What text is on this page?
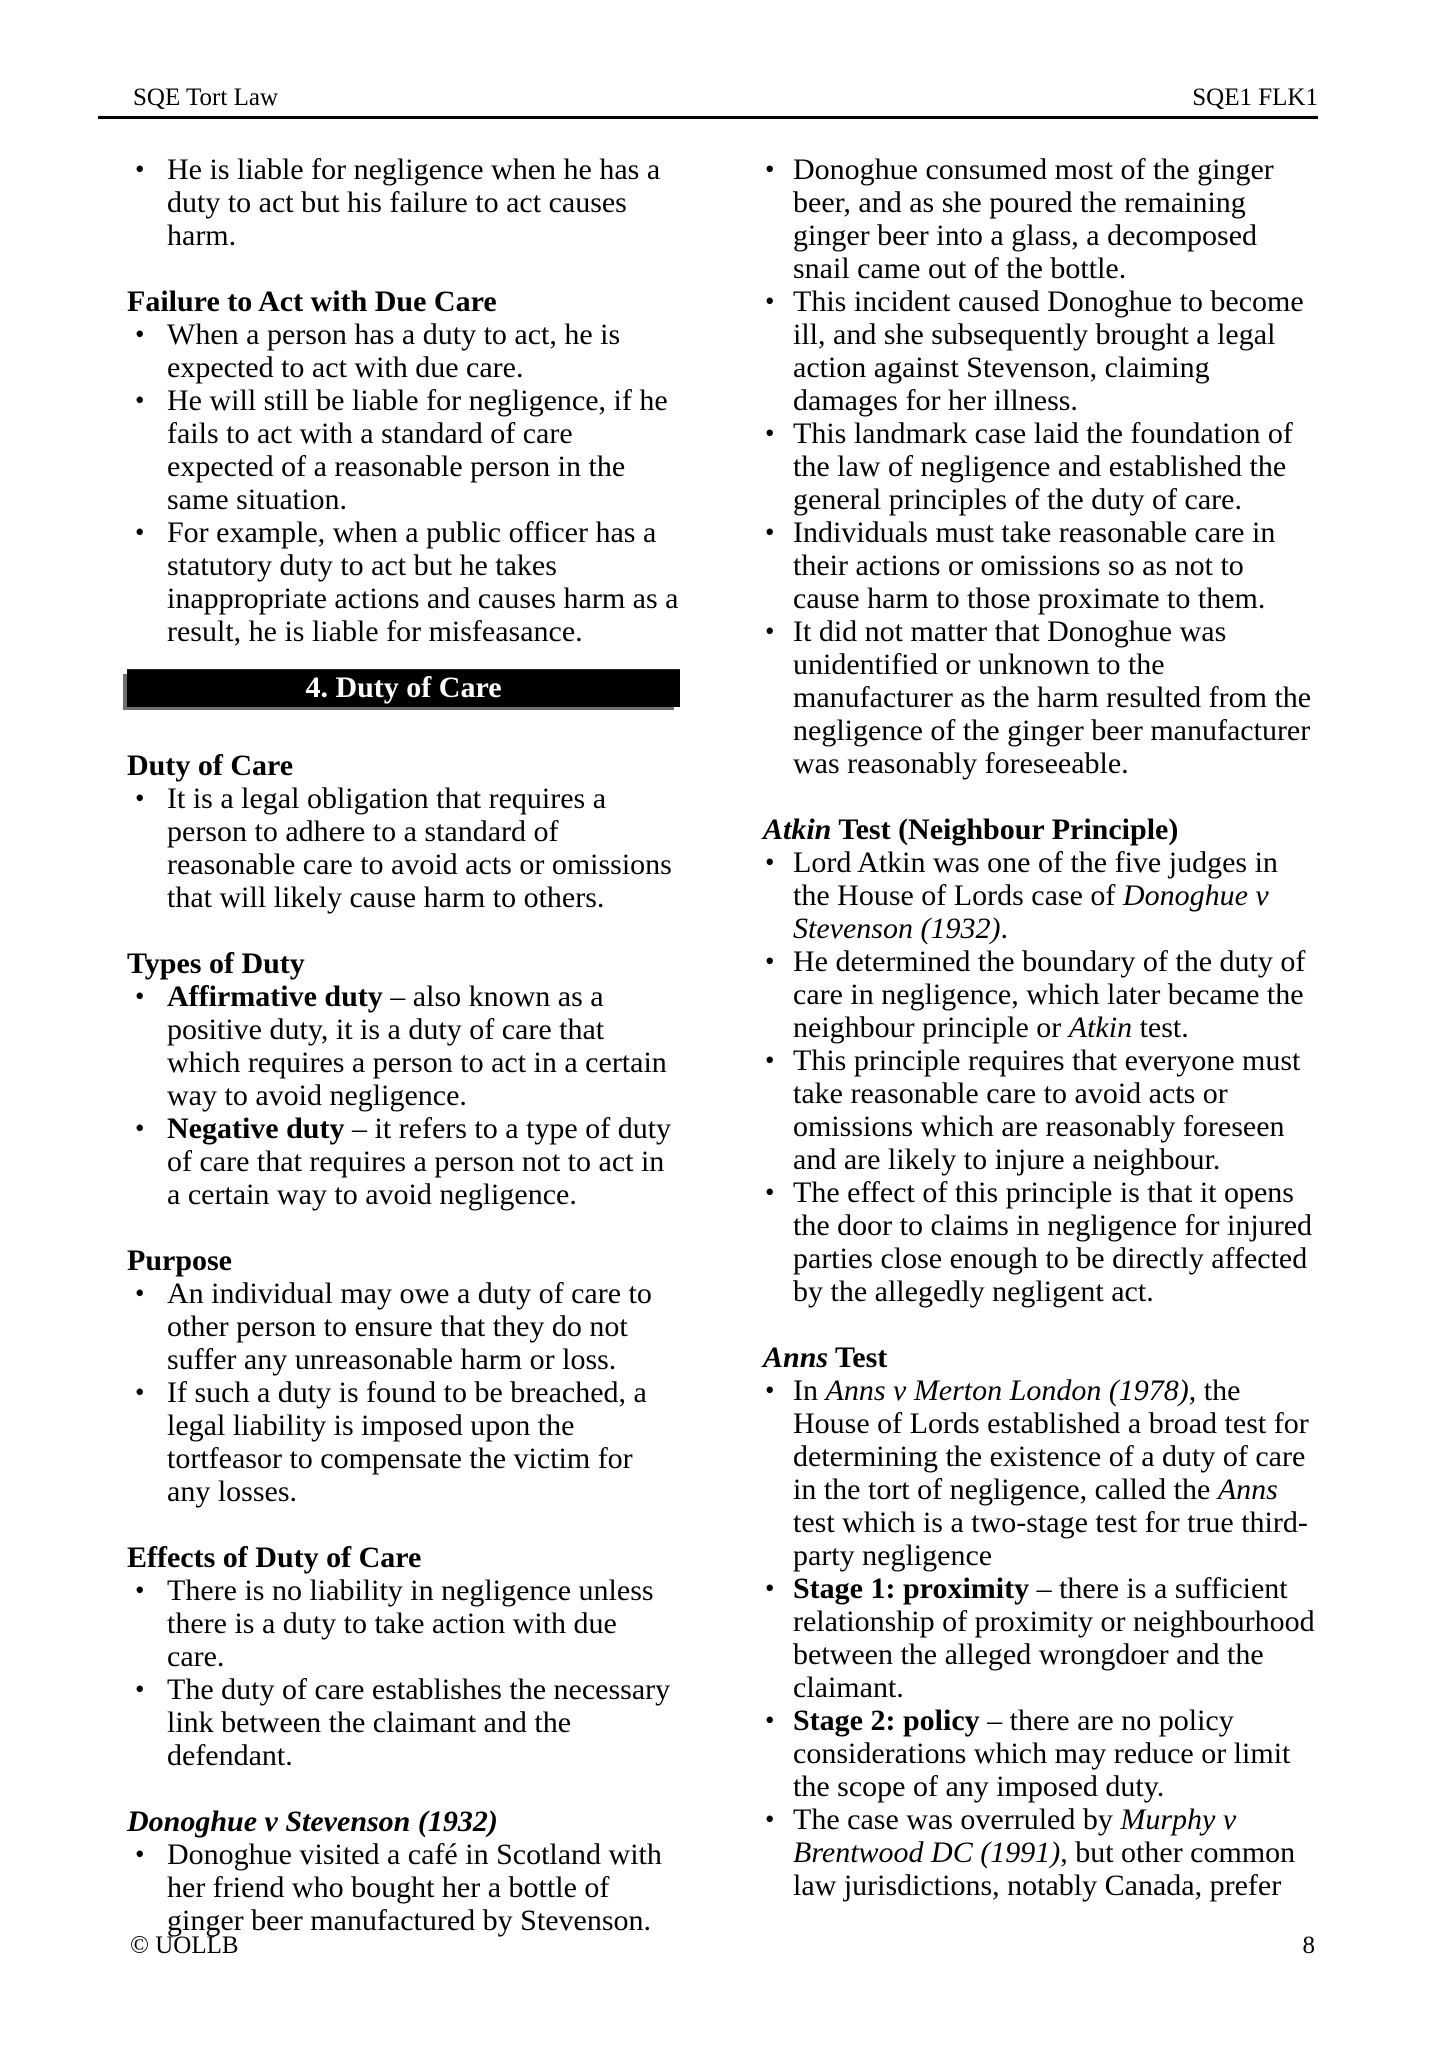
SQE Tort Law	SQE1 FLK1
• He is liable for negligence when he has a duty to act but his failure to act causes harm.
Failure to Act with Due Care
• When a person has a duty to act, he is expected to act with due care.
• He will still be liable for negligence, if he fails to act with a standard of care expected of a reasonable person in the same situation.
• For example, when a public officer has a statutory duty to act but he takes inappropriate actions and causes harm as a result, he is liable for misfeasance.
4. Duty of Care
Duty of Care
• It is a legal obligation that requires a person to adhere to a standard of reasonable care to avoid acts or omissions that will likely cause harm to others.
Types of Duty
• Affirmative duty – also known as a positive duty, it is a duty of care that which requires a person to act in a certain way to avoid negligence.
• Negative duty – it refers to a type of duty of care that requires a person not to act in a certain way to avoid negligence.
Purpose
• An individual may owe a duty of care to other person to ensure that they do not suffer any unreasonable harm or loss.
• If such a duty is found to be breached, a legal liability is imposed upon the tortfeasor to compensate the victim for any losses.
Effects of Duty of Care
• There is no liability in negligence unless there is a duty to take action with due care.
• The duty of care establishes the necessary link between the claimant and the defendant.
Donoghue v Stevenson (1932)
• Donoghue visited a café in Scotland with her friend who bought her a bottle of ginger beer manufactured by Stevenson.
• Donoghue consumed most of the ginger beer, and as she poured the remaining ginger beer into a glass, a decomposed snail came out of the bottle.
• This incident caused Donoghue to become ill, and she subsequently brought a legal action against Stevenson, claiming damages for her illness.
• This landmark case laid the foundation of the law of negligence and established the general principles of the duty of care.
• Individuals must take reasonable care in their actions or omissions so as not to cause harm to those proximate to them.
• It did not matter that Donoghue was unidentified or unknown to the manufacturer as the harm resulted from the negligence of the ginger beer manufacturer was reasonably foreseeable.
Atkin Test (Neighbour Principle)
• Lord Atkin was one of the five judges in the House of Lords case of Donoghue v Stevenson (1932).
• He determined the boundary of the duty of care in negligence, which later became the neighbour principle or Atkin test.
• This principle requires that everyone must take reasonable care to avoid acts or omissions which are reasonably foreseen and are likely to injure a neighbour.
• The effect of this principle is that it opens the door to claims in negligence for injured parties close enough to be directly affected by the allegedly negligent act.
Anns Test
• In Anns v Merton London (1978), the House of Lords established a broad test for determining the existence of a duty of care in the tort of negligence, called the Anns test which is a two-stage test for true third-party negligence
• Stage 1: proximity – there is a sufficient relationship of proximity or neighbourhood between the alleged wrongdoer and the claimant.
• Stage 2: policy – there are no policy considerations which may reduce or limit the scope of any imposed duty.
• The case was overruled by Murphy v Brentwood DC (1991), but other common law jurisdictions, notably Canada, prefer
© UOLLB	8
